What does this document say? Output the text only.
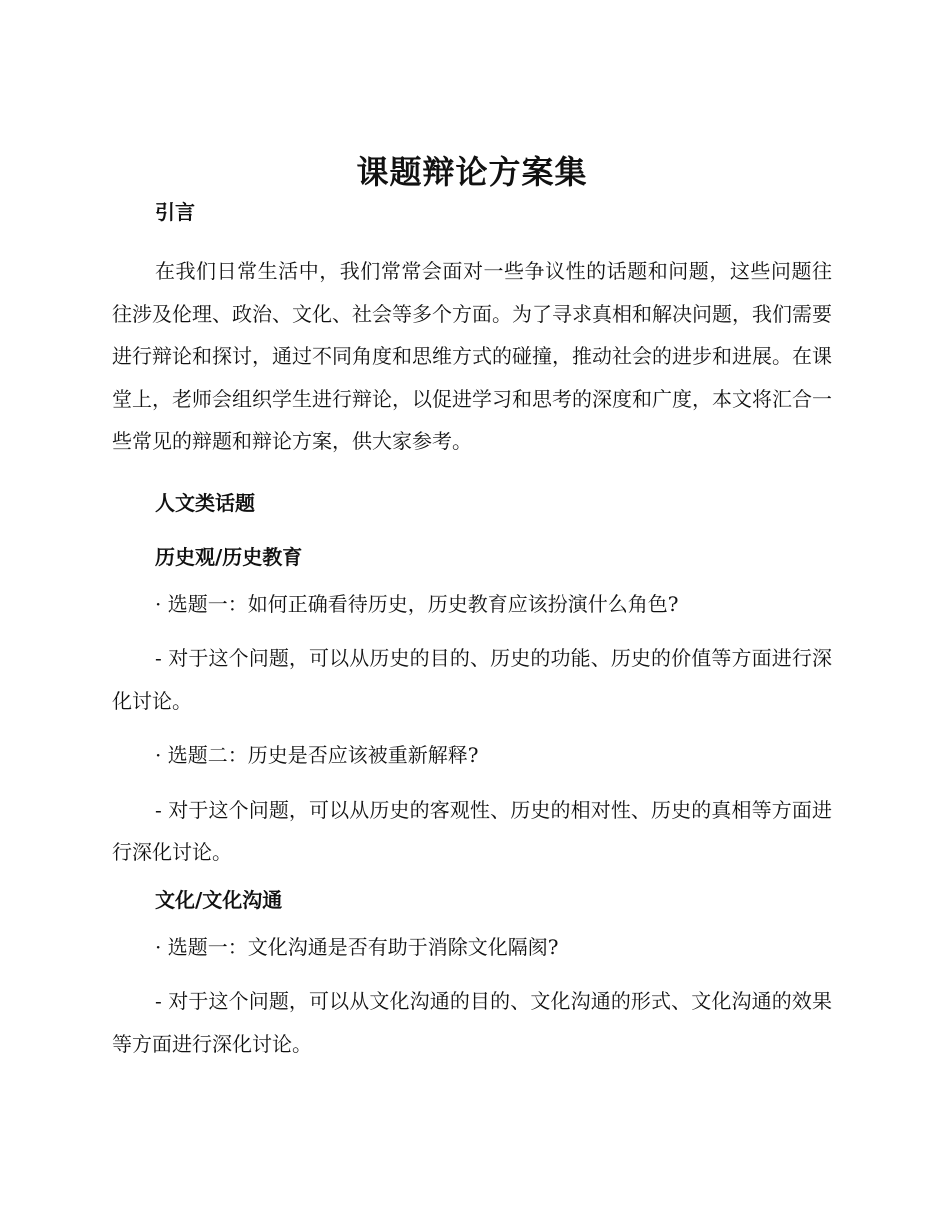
课题辩论方案集
引言

在我们日常生活中，我们常常会面对一些争议性的话题和问题，这些问题往往涉及伦理、政治、文化、社会等多个方面。为了寻求真相和解决问题，我们需要进行辩论和探讨，通过不同角度和思维方式的碰撞，推动社会的进步和进展。在课堂上，老师会组织学生进行辩论，以促进学习和思考的深度和广度，本文将汇合一些常见的辩题和辩论方案，供大家参考。

人文类话题
历史观/历史教育

· 选题一：如何正确看待历史，历史教育应该扮演什么角色?

- 对于这个问题，可以从历史的目的、历史的功能、历史的价值等方面进行深化讨论。

· 选题二：历史是否应该被重新解释?

- 对于这个问题，可以从历史的客观性、历史的相对性、历史的真相等方面进行深化讨论。

文化/文化沟通

· 选题一：文化沟通是否有助于消除文化隔阂?

- 对于这个问题，可以从文化沟通的目的、文化沟通的形式、文化沟通的效果等方面进行深化讨论。
